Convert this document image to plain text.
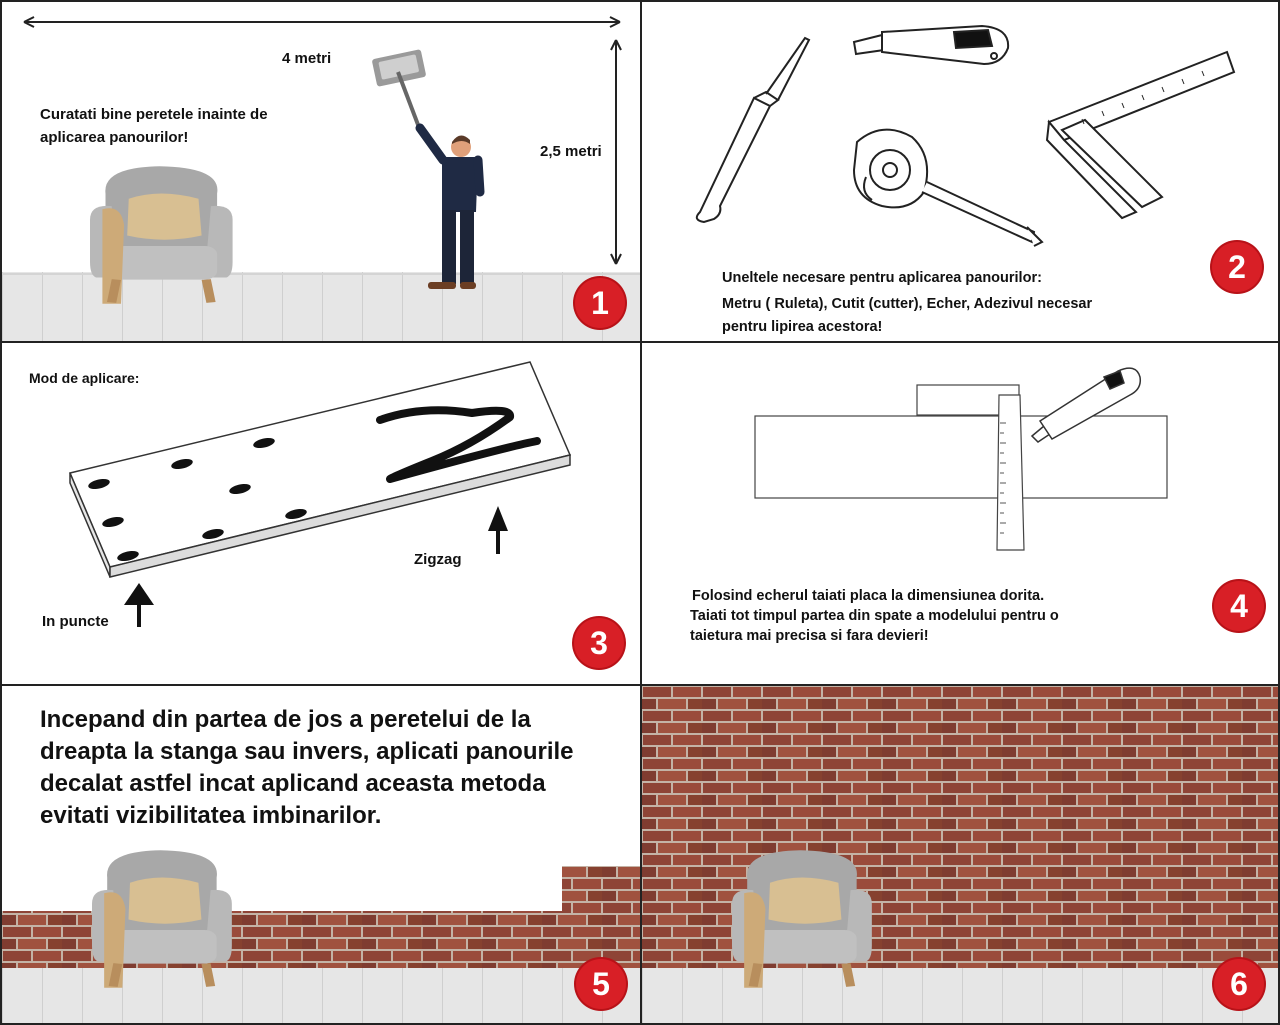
4 metri
2,5 metri
Curatati bine peretele inainte de
aplicarea panourilor!
1
Uneltele necesare pentru aplicarea panourilor:
Metru ( Ruleta), Cutit (cutter), Echer, Adezivul necesar
pentru lipirea acestora!
2
Mod de aplicare:
Zigzag
In puncte
3
Folosind echerul taiati placa la dimensiunea dorita.
Taiati tot timpul partea din spate a modelului pentru o
taietura mai precisa si fara devieri!
4
Incepand din partea de jos a peretelui de la
dreapta la stanga sau invers, aplicati panourile
decalat astfel incat aplicand aceasta metoda
evitati vizibilitatea imbinarilor.
5	6
